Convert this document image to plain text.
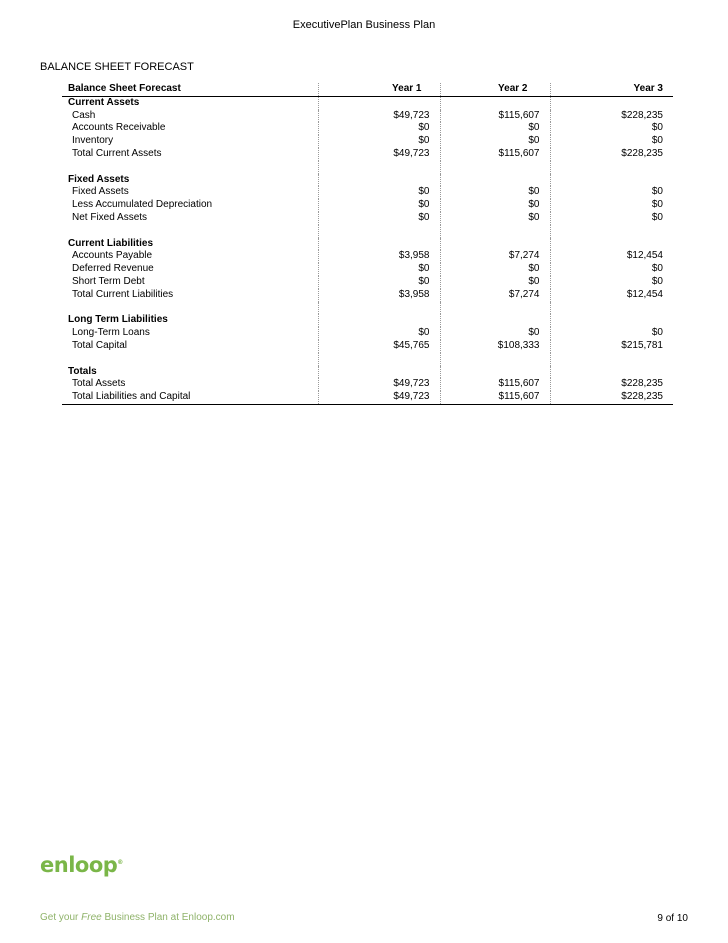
ExecutivePlan Business Plan
BALANCE SHEET FORECAST
Balance Sheet Forecast	Year 1	Year 2	Year 3
Current Assets			
Cash	$49,723	$115,607	$228,235
Accounts Receivable	$0	$0	$0
Inventory	$0	$0	$0
Total Current Assets	$49,723	$115,607	$228,235

Fixed Assets			
Fixed Assets	$0	$0	$0
Less Accumulated Depreciation	$0	$0	$0
Net Fixed Assets	$0	$0	$0

Current Liabilities			
Accounts Payable	$3,958	$7,274	$12,454
Deferred Revenue	$0	$0	$0
Short Term Debt	$0	$0	$0
Total Current Liabilities	$3,958	$7,274	$12,454

Long Term Liabilities			
Long-Term Loans	$0	$0	$0
Total Capital	$45,765	$108,333	$215,781

Totals			
Total Assets	$49,723	$115,607	$228,235
Total Liabilities and Capital	$49,723	$115,607	$228,235
enloop®
Get your Free Business Plan at Enloop.com	9 of 10
